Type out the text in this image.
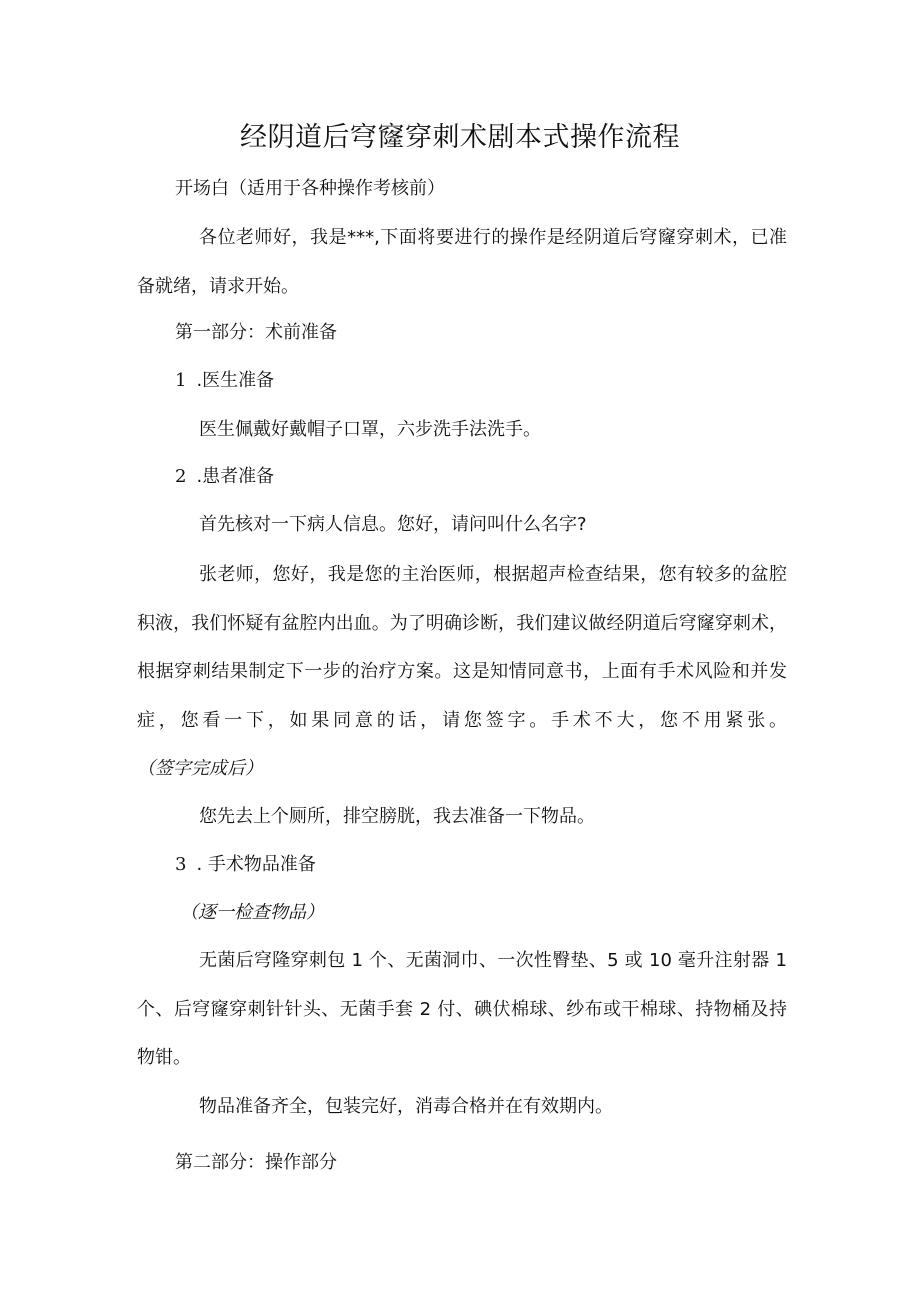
经阴道后穹窿穿刺术剧本式操作流程

开场白（适用于各种操作考核前）

各位老师好，我是***,下面将要进行的操作是经阴道后穹窿穿刺术，已准备就绪，请求开始。

第一部分：术前准备

1 .医生准备

医生佩戴好戴帽子口罩，六步洗手法洗手。

2 .患者准备

首先核对一下病人信息。您好，请问叫什么名字?

张老师，您好，我是您的主治医师，根据超声检查结果，您有较多的盆腔积液，我们怀疑有盆腔内出血。为了明确诊断，我们建议做经阴道后穹窿穿刺术，根据穿刺结果制定下一步的治疗方案。这是知情同意书，上面有手术风险和并发症，您看一下，如果同意的话，请您签字。手术不大，您不用紧张。（签字完成后）

您先去上个厕所，排空膀胱，我去准备一下物品。

3 . 手术物品准备

（逐一检查物品）

无菌后穹隆穿刺包 1 个、无菌洞巾、一次性臀垫、5 或 10 毫升注射器 1 个、后穹窿穿刺针针头、无菌手套 2 付、碘伏棉球、纱布或干棉球、持物桶及持物钳。

物品准备齐全，包装完好，消毒合格并在有效期内。

第二部分：操作部分
